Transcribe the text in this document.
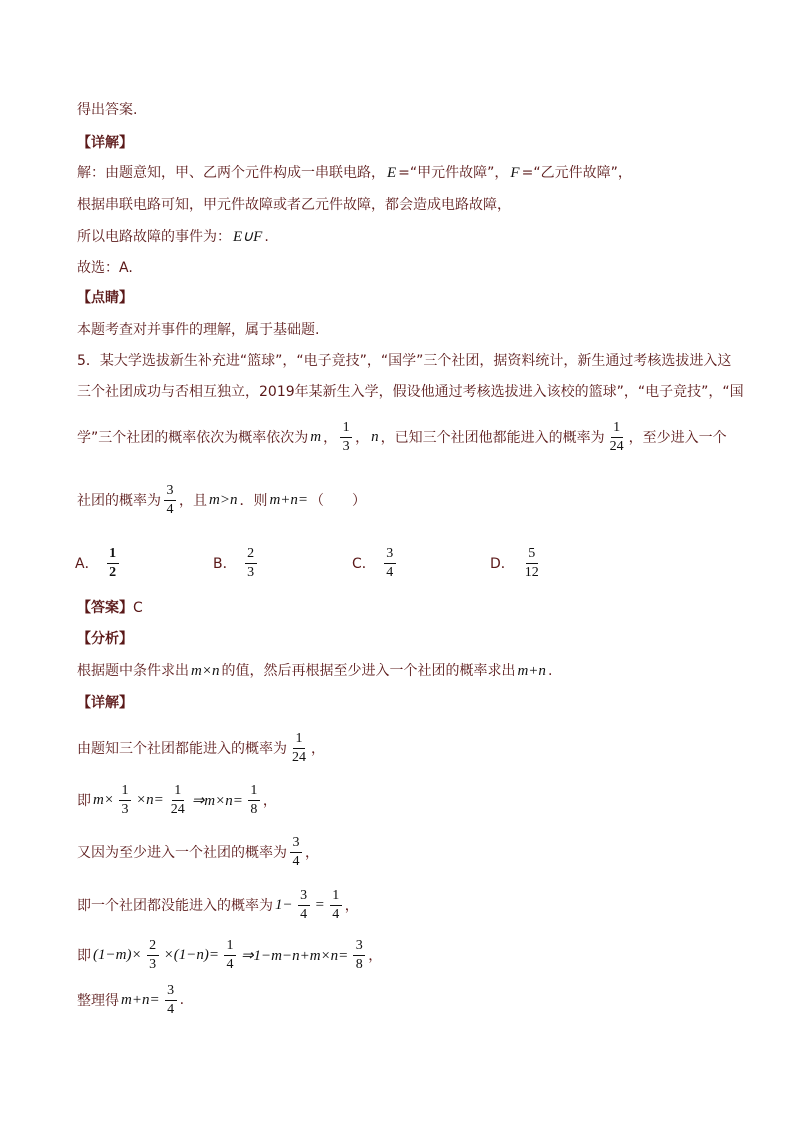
得出答案.
【详解】
解：由题意知，甲、乙两个元件构成一串联电路， E =“甲元件故障”， F =“乙元件故障”，
根据串联电路可知，甲元件故障或者乙元件故障，都会造成电路故障，
所以电路故障的事件为： E∪F .
故选：A.
【点睛】
本题考查对并事件的理解，属于基础题.
5．某大学选拔新生补充进“篮球”，“电子竞技”，“国学”三个社团，据资料统计，新生通过考核选拔进入这
三个社团成功与否相互独立，2019年某新生入学，假设他通过考核选拔进入该校的篮球”，“电子竞技”，“国
学”三个社团的概率依次为概率依次为 m ， $\frac{1}{3}$ ， n ，已知三个社团他都能进入的概率为 $\frac{1}{24}$ ，至少进入一个
社团的概率为 $\frac{3}{4}$ ，且 m>n ．则 m+n= （　　）
A． $\frac{1}{2}$	B． $\frac{2}{3}$	C． $\frac{3}{4}$	D． $\frac{5}{12}$
【答案】C
【分析】
根据题中条件求出 m×n 的值，然后再根据至少进入一个社团的概率求出 m+n .
【详解】
由题知三个社团都能进入的概率为 $\frac{1}{24}$ ，
即 $m\times \frac{1}{3} \times n= \frac{1}{24}$ ⇒m×n= $\frac{1}{8}$ ，
又因为至少进入一个社团的概率为 $\frac{3}{4}$ ，
即一个社团都没能进入的概率为 $1- \frac{3}{4} = \frac{1}{4}$ ，
即 $(1-m)\times \frac{2}{3} \times(1-n)= \frac{1}{4}$ ⇒1−m−n+m×n= $\frac{3}{8}$ ，
整理得 $m+n= \frac{3}{4}$ .
